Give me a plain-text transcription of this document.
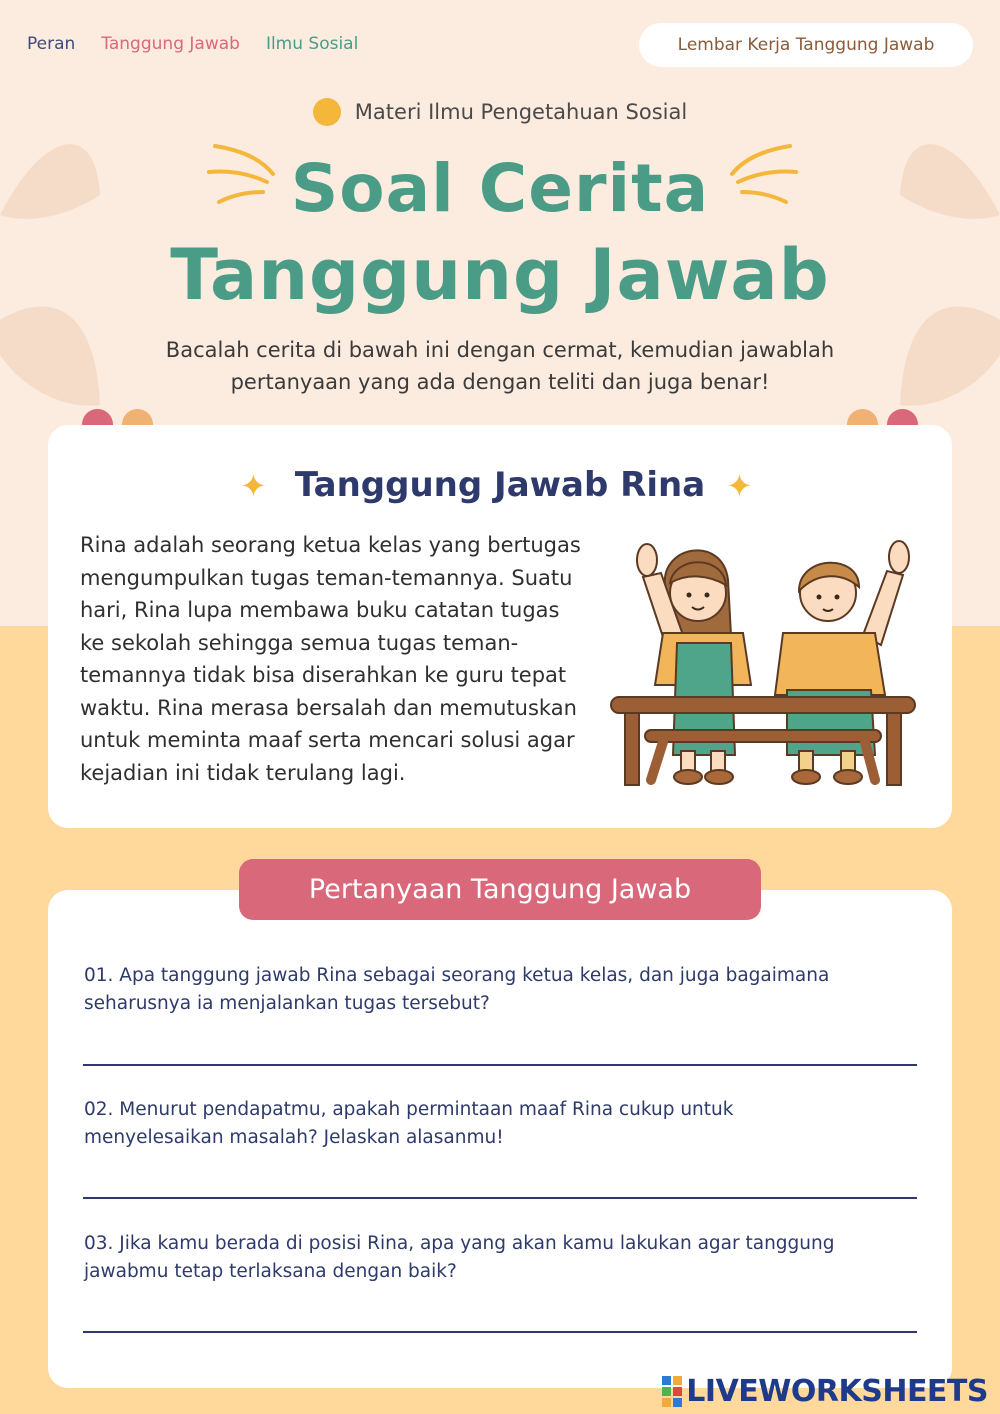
Peran Tanggung Jawab Ilmu Sosial	Lembar Kerja Tanggung Jawab
Materi Ilmu Pengetahuan Sosial
Soal Cerita
Tanggung Jawab
Bacalah cerita di bawah ini dengan cermat, kemudian jawablah
pertanyaan yang ada dengan teliti dan juga benar!
✦ Tanggung Jawab Rina ✦
Rina adalah seorang ketua kelas yang bertugas
mengumpulkan tugas teman-temannya. Suatu
hari, Rina lupa membawa buku catatan tugas
ke sekolah sehingga semua tugas teman-
temannya tidak bisa diserahkan ke guru tepat
waktu. Rina merasa bersalah dan memutuskan
untuk meminta maaf serta mencari solusi agar
kejadian ini tidak terulang lagi.
Pertanyaan Tanggung Jawab
01. Apa tanggung jawab Rina sebagai seorang ketua kelas, dan juga bagaimana
seharusnya ia menjalankan tugas tersebut?
02. Menurut pendapatmu, apakah permintaan maaf Rina cukup untuk
menyelesaikan masalah? Jelaskan alasanmu!
03. Jika kamu berada di posisi Rina, apa yang akan kamu lakukan agar tanggung
jawabmu tetap terlaksana dengan baik?
LIVEWORKSHEETS
